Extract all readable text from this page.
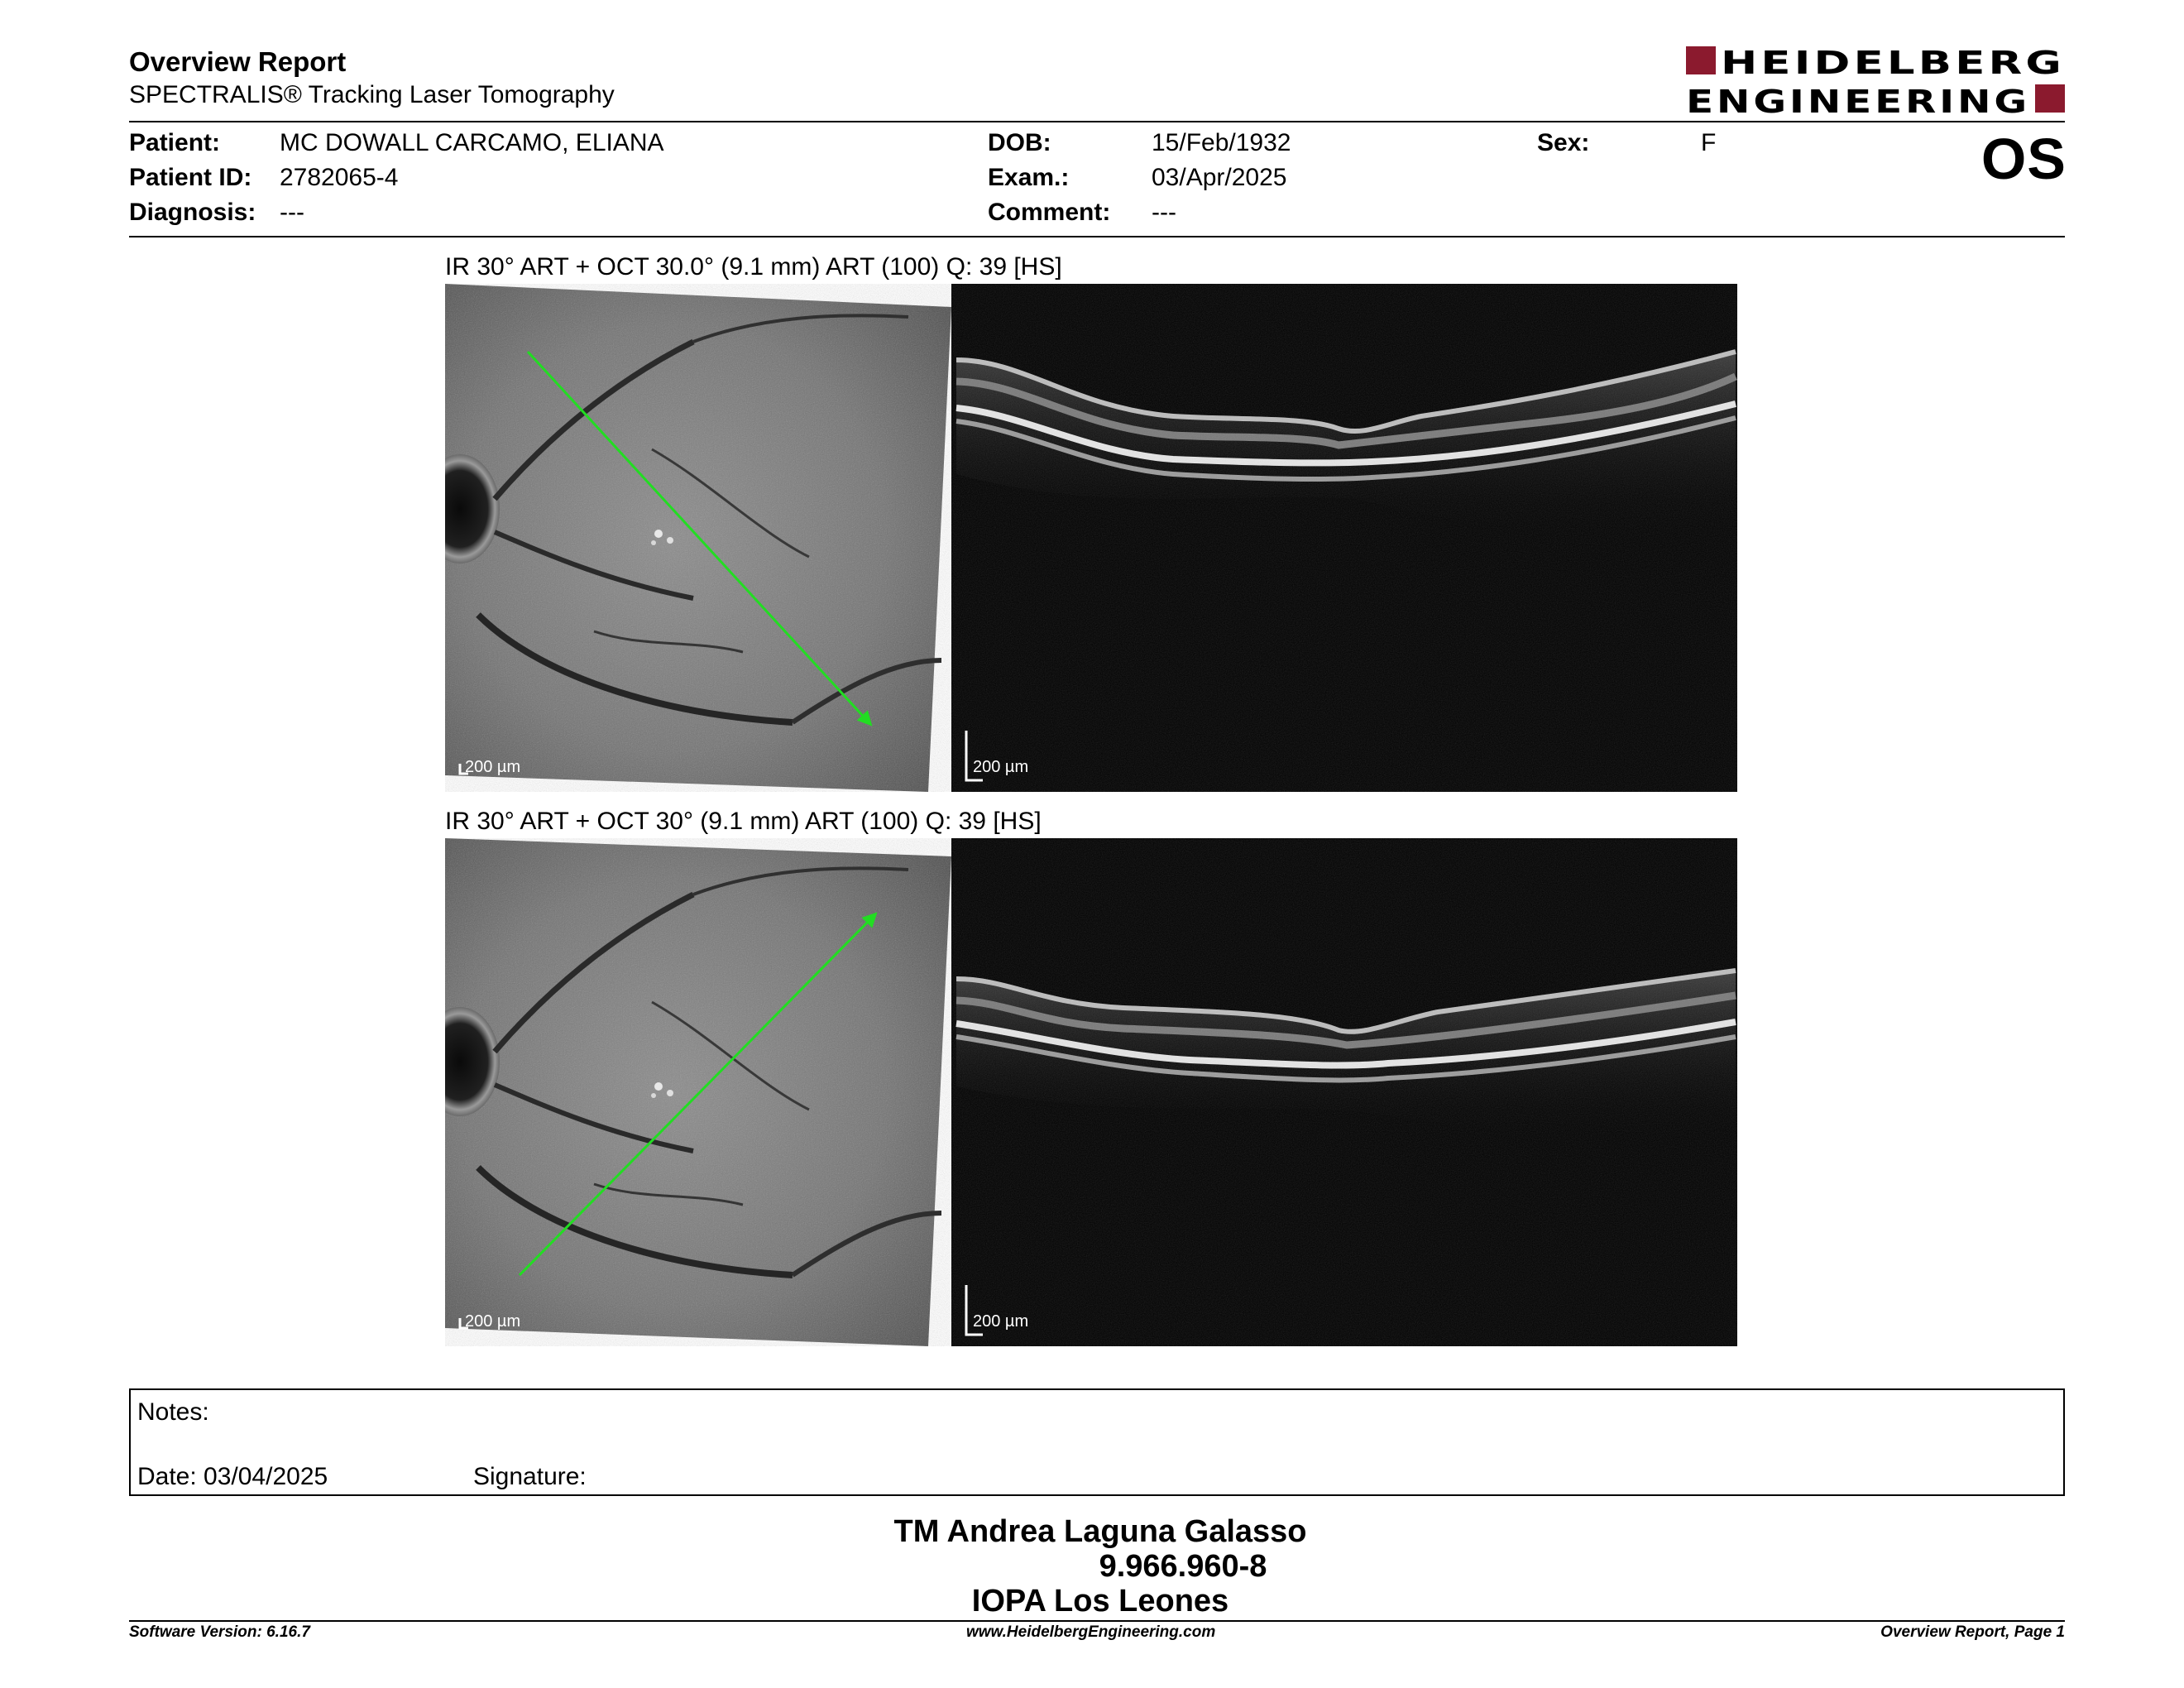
Overview Report
SPECTRALIS® Tracking Laser Tomography
HEIDELBERG
ENGINEERING
Patient: MC DOWALL CARCAMO, ELIANA
Patient ID: 2782065-4
Diagnosis: ---
DOB:	15/Feb/1932
Exam.:	03/Apr/2025
Comment: ---
Sex:	F	OS
IR 30° ART + OCT 30.0° (9.1 mm) ART (100) Q: 39 [HS]
200 µm	200 µm
IR 30° ART + OCT 30° (9.1 mm) ART (100) Q: 39 [HS]
200 µm	200 µm
Notes:
Date: 03/04/2025	Signature:
TM Andrea Laguna Galasso
9.966.960-8
IOPA Los Leones
Software Version: 6.16.7	www.HeidelbergEngineering.com	Overview Report, Page 1
